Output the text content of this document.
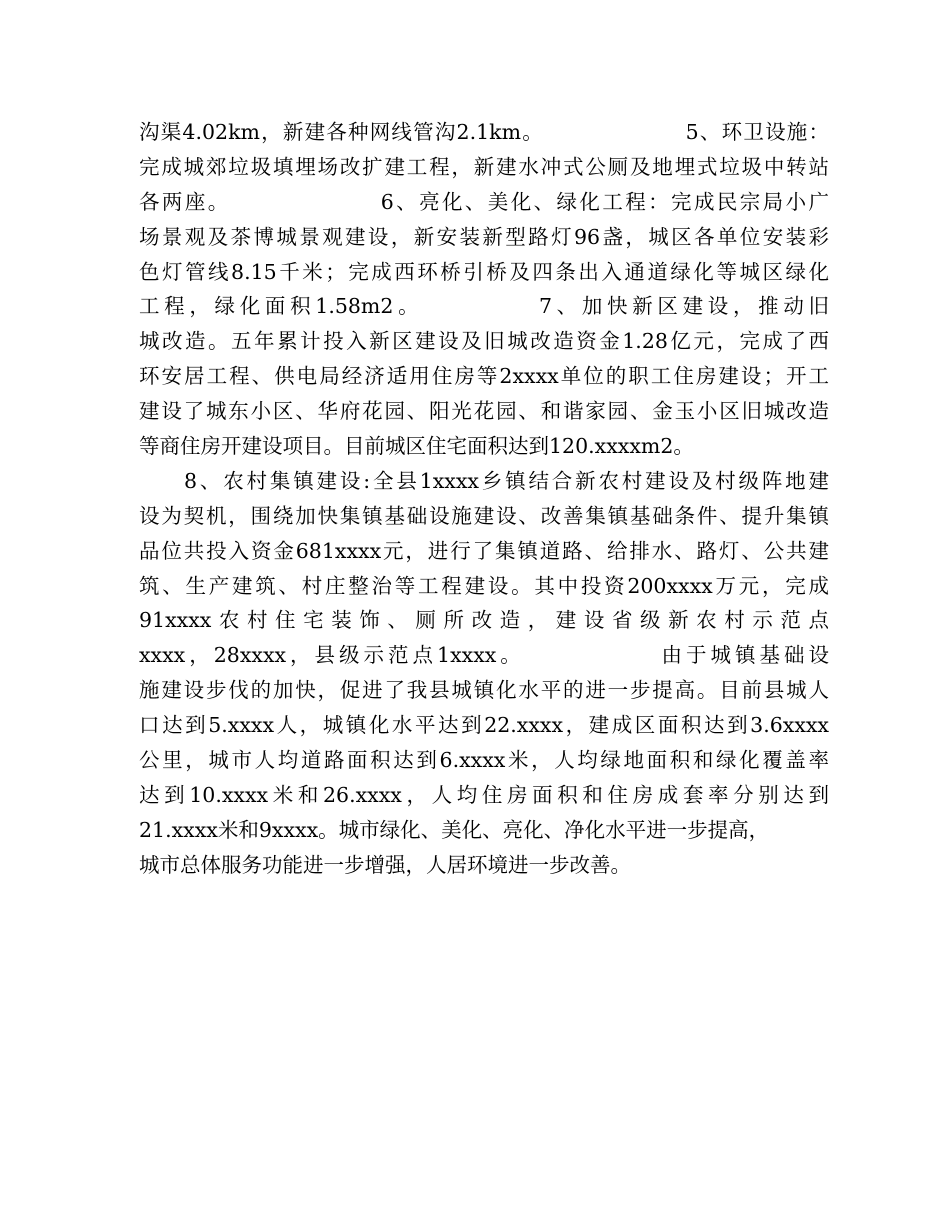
沟渠4.02km，新建各种网线管沟2.1km。　　　　　　　5、环卫设施：
完成城郊垃圾填埋场改扩建工程，新建水冲式公厕及地埋式垃圾中转站
各两座。　　　　　　　6、亮化、美化、绿化工程：完成民宗局小广
场景观及茶博城景观建设，新安装新型路灯96盏，城区各单位安装彩
色灯管线8.15千米；完成西环桥引桥及四条出入通道绿化等城区绿化
工程，绿化面积1.58m2。　　　　　7、加快新区建设，推动旧
城改造。五年累计投入新区建设及旧城改造资金1.28亿元，完成了西
环安居工程、供电局经济适用住房等2xxxx单位的职工住房建设；开工
建设了城东小区、华府花园、阳光花园、和谐家园、金玉小区旧城改造
等商住房开建设项目。目前城区住宅面积达到120.xxxxm2。
8、农村集镇建设:全县1xxxx乡镇结合新农村建设及村级阵地建
设为契机，围绕加快集镇基础设施建设、改善集镇基础条件、提升集镇
品位共投入资金681xxxx元，进行了集镇道路、给排水、路灯、公共建
筑、生产建筑、村庄整治等工程建设。其中投资200xxxx万元，完成
91xxxx农村住宅装饰、厕所改造，建设省级新农村示范点
xxxx，28xxxx，县级示范点1xxxx。　　　　　　由于城镇基础设
施建设步伐的加快，促进了我县城镇化水平的进一步提高。目前县城人
口达到5.xxxx人，城镇化水平达到22.xxxx，建成区面积达到3.6xxxx
公里，城市人均道路面积达到6.xxxx米，人均绿地面积和绿化覆盖率
达到10.xxxx米和26.xxxx，人均住房面积和住房成套率分别达到
21.xxxx米和9xxxx。城市绿化、美化、亮化、净化水平进一步提高，
城市总体服务功能进一步增强，人居环境进一步改善。
